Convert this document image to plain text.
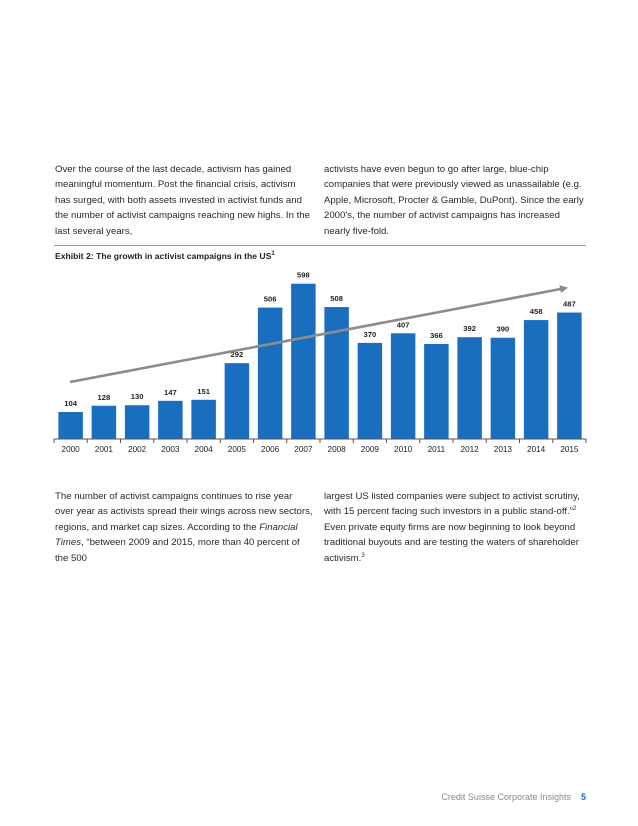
Over the course of the last decade, activism has gained meaningful momentum. Post the financial crisis, activism has surged, with both assets invested in activist funds and the number of activist campaigns reaching new highs. In the last several years,

activists have even begun to go after large, blue-chip companies that were previously viewed as unassailable (e.g. Apple, Microsoft, Procter & Gamble, DuPont). Since the early 2000's, the number of activist campaigns has increased nearly five-fold.

Exhibit 2: The growth in activist campaigns in the $US^1$
104
128	130	147	151
292
506
598
508
370
407
366
392	390
458
487
2000 2001 2002 2003 2004 2005 2006 2007 2008 2009 2010 2011 2012 2013 2014 2015

The number of activist campaigns continues to rise year over year as activists spread their wings across new sectors, regions, and market cap sizes. According to the Financial Times, “between 2009 and 2015, more than 40 percent of the 500

largest US listed companies were subject to activist scrutiny, with 15 percent facing such investors in a public stand-off.”$^2$ Even private equity firms are now beginning to look beyond traditional buyouts and are testing the waters of shareholder activism.$^3$

Credit Suisse Corporate Insights 5
